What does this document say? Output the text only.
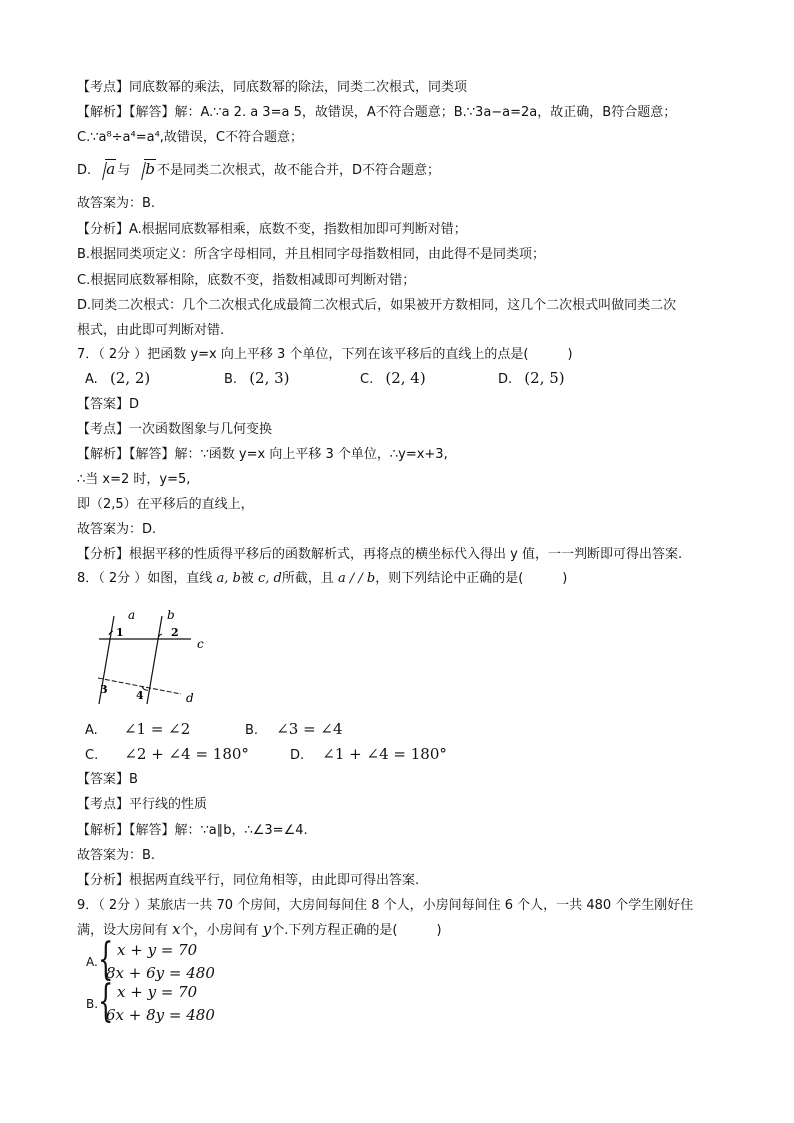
【考点】同底数幂的乘法，同底数幂的除法，同类二次根式，同类项
【解析】【解答】解：A.∵a 2. a 3=a 5，故错误，A不符合题意；B.∵3a−a=2a，故正确，B符合题意；
C.∵a⁸÷a⁴=a⁴,故错误，C不符合题意；
D. a 与 b 不是同类二次根式，故不能合并，D不符合题意；
故答案为：B.
【分析】A.根据同底数幂相乘，底数不变，指数相加即可判断对错；
B.根据同类项定义：所含字母相同，并且相同字母指数相同，由此得不是同类项；
C.根据同底数幂相除，底数不变，指数相减即可判断对错；
D.同类二次根式：几个二次根式化成最简二次根式后，如果被开方数相同，这几个二次根式叫做同类二次
根式，由此即可判断对错.
7．（ 2分 ）把函数 y=x 向上平移 3 个单位，下列在该平移后的直线上的点是(　　　)
A. (2, 2)	B. (2, 3)	C. (2, 4)	D. (2, 5)
【答案】D
【考点】一次函数图象与几何变换
【解析】【解答】解：∵函数 y=x 向上平移 3 个单位，∴y=x+3,
∴当 x=2 时，y=5,
即（2,5）在平移后的直线上，
故答案为：D.
【分析】根据平移的性质得平移后的函数解析式，再将点的横坐标代入得出 y 值，一一判断即可得出答案.
8．（ 2分 ）如图，直线 a, b被 c, d所截，且 a / / b，则下列结论中正确的是(　　　)
a	b
c
d
1	2
3	4
A. ∠1 = ∠2	B. ∠3 = ∠4
C. ∠2 + ∠4 = 180°	D. ∠1 + ∠4 = 180°
【答案】B
【考点】平行线的性质
【解析】【解答】解：∵a∥b，∴∠3=∠4.
故答案为：B.
【分析】根据两直线平行，同位角相等，由此即可得出答案.
9．（ 2分 ）某旅店一共 70 个房间，大房间每间住 8 个人，小房间每间住 6 个人，一共 480 个学生刚好住
满，设大房间有 x个，小房间有 y个.下列方程正确的是(　　　)
A. { x + y = 70
8x + 6y = 480
B. { x + y = 70
6x + 8y = 480
